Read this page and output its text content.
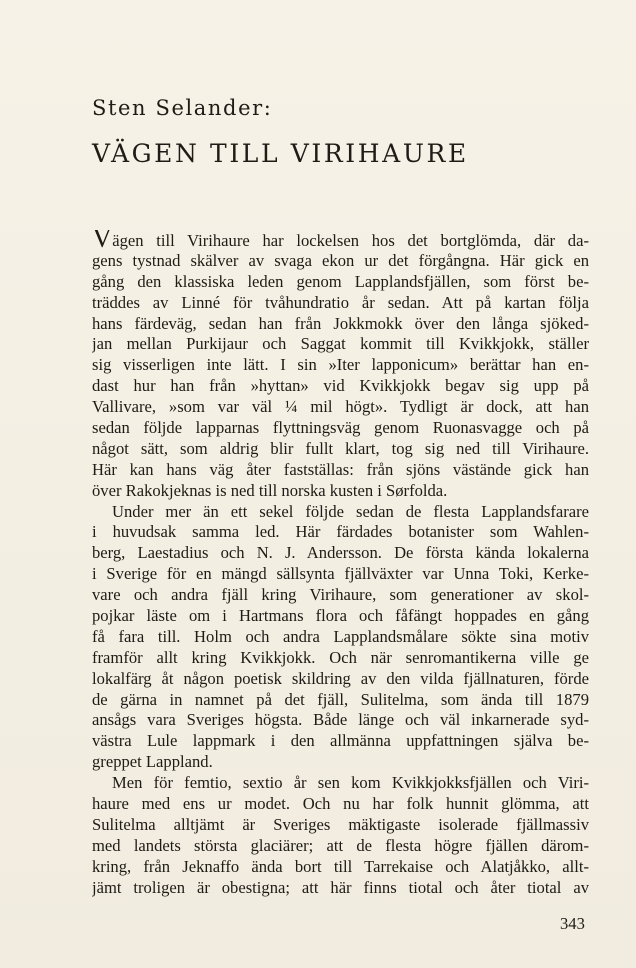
Sten Selander:
VÄGEN TILL VIRIHAURE
Vägen till Virihaure har lockelsen hos det bortglömda, där da-
gens tystnad skälver av svaga ekon ur det förgångna. Här gick en
gång den klassiska leden genom Lapplandsfjällen, som först be-
träddes av Linné för tvåhundratio år sedan. Att på kartan följa
hans färdeväg, sedan han från Jokkmokk över den långa sjöked-
jan mellan Purkijaur och Saggat kommit till Kvikkjokk, ställer
sig visserligen inte lätt. I sin »Iter lapponicum» berättar han en-
dast hur han från »hyttan» vid Kvikkjokk begav sig upp på
Vallivare, »som var väl ¼ mil högt». Tydligt är dock, att han
sedan följde lapparnas flyttningsväg genom Ruonasvagge och på
något sätt, som aldrig blir fullt klart, tog sig ned till Virihaure.
Här kan hans väg åter fastställas: från sjöns västände gick han
över Rakokjeknas is ned till norska kusten i Sørfolda.
Under mer än ett sekel följde sedan de flesta Lapplandsfarare
i huvudsak samma led. Här färdades botanister som Wahlen-
berg, Laestadius och N. J. Andersson. De första kända lokalerna
i Sverige för en mängd sällsynta fjällväxter var Unna Toki, Kerke-
vare och andra fjäll kring Virihaure, som generationer av skol-
pojkar läste om i Hartmans flora och fåfängt hoppades en gång
få fara till. Holm och andra Lapplandsmålare sökte sina motiv
framför allt kring Kvikkjokk. Och när senromantikerna ville ge
lokalfärg åt någon poetisk skildring av den vilda fjällnaturen, förde
de gärna in namnet på det fjäll, Sulitelma, som ända till 1879
ansågs vara Sveriges högsta. Både länge och väl inkarnerade syd-
västra Lule lappmark i den allmänna uppfattningen själva be-
greppet Lappland.
Men för femtio, sextio år sen kom Kvikkjokksfjällen och Viri-
haure med ens ur modet. Och nu har folk hunnit glömma, att
Sulitelma alltjämt är Sveriges mäktigaste isolerade fjällmassiv
med landets största glaciärer; att de flesta högre fjällen därom-
kring, från Jeknaffo ända bort till Tarrekaise och Alatjåkko, allt-
jämt troligen är obestigna; att här finns tiotal och åter tiotal av
343
